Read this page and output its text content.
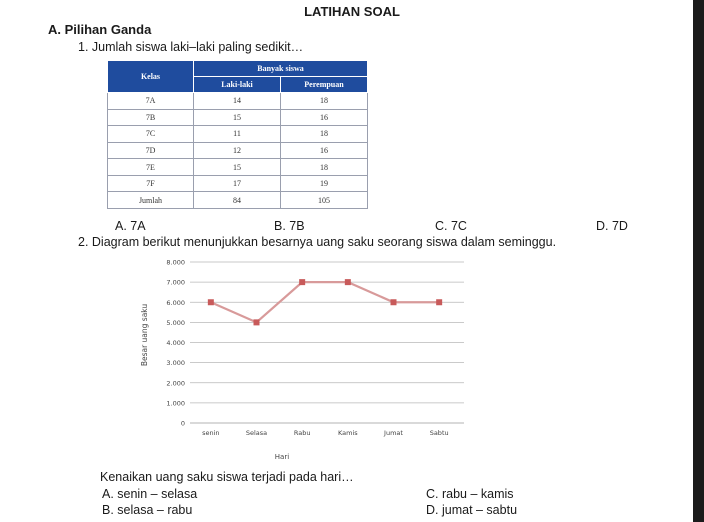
LATIHAN SOAL
A. Pilihan Ganda
1. Jumlah siswa laki–laki paling sedikit…
Kelas	Banyak siswa	
	Laki-laki	Perempuan
7A	14	18
7B	15	16
7C	11	18
7D	12	16
7E	15	18
7F	17	19
Jumlah	84	105
A. 7A	B. 7B	C. 7C	D. 7D
2. Diagram berikut menunjukkan besarnya uang saku seorang siswa dalam seminggu.
0
1.000
2.000
3.000
4.000
5.000
6.000
7.000
8.000
senin	Selasa	Rabu	Kamis	Jumat	Sabtu
Besar uang saku
Hari
Kenaikan uang saku siswa terjadi pada hari…
A. senin – selasa	C. rabu – kamis
B. selasa – rabu	D. jumat – sabtu
